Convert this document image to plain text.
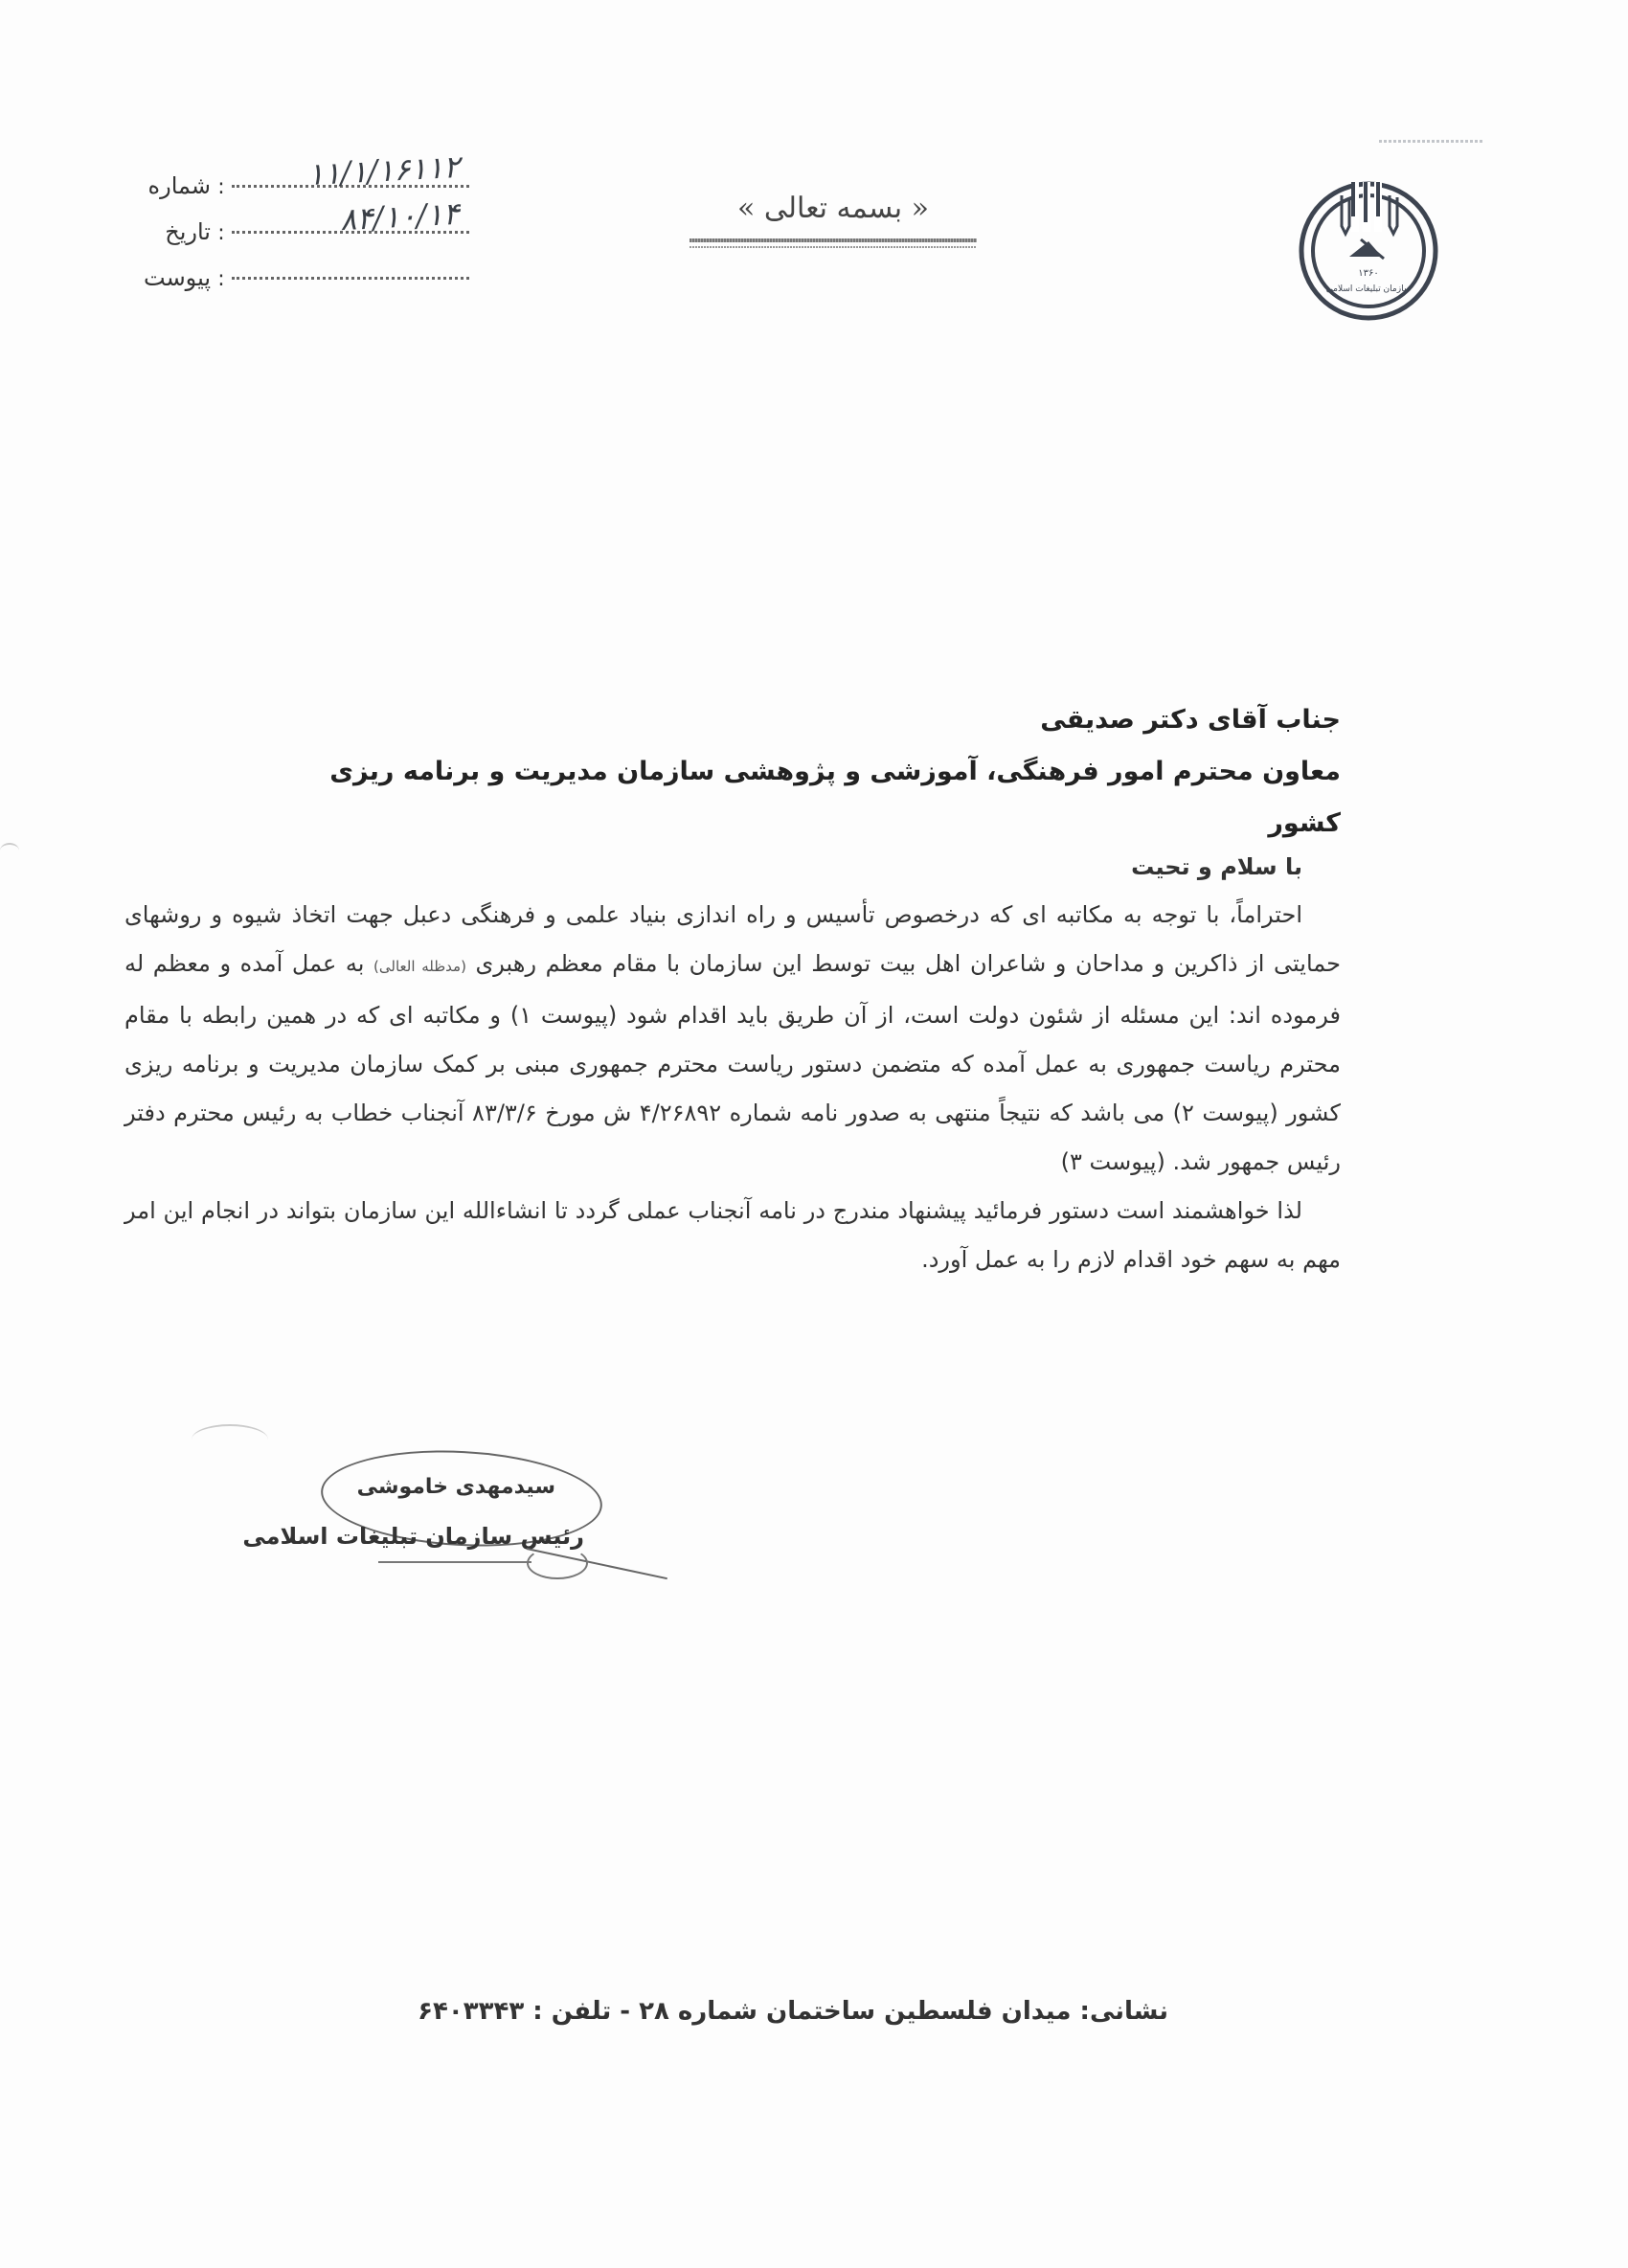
۱۳۶۰
سازمان تبلیغات اسلامی
شماره :	۱۱/۱/۱۶۱۱۲
تاریخ :	۸۴/۱۰/۱۴
پیوست :
« بسمه تعالی »
جناب آقای دکتر صدیقی
معاون محترم امور فرهنگی، آموزشی و پژوهشی سازمان مدیریت و برنامه ریزی کشور
با سلام و تحیت

احتراماً، با توجه به مکاتبه ای که درخصوص تأسیس و راه اندازی بنیاد علمی و فرهنگی دعبل جهت اتخاذ شیوه و روشهای حمایتی از ذاکرین و مداحان و شاعران اهل بیت توسط این سازمان با مقام معظم رهبری (مدظله العالی) به عمل آمده و معظم له فرموده اند: این مسئله از شئون دولت است، از آن طریق باید اقدام شود (پیوست ۱) و مکاتبه ای که در همین رابطه با مقام محترم ریاست جمهوری به عمل آمده که متضمن دستور ریاست محترم جمهوری مبنی بر کمک سازمان مدیریت و برنامه ریزی کشور (پیوست ۲) می باشد که نتیجاً منتهی به صدور نامه شماره ۴/۲۶۸۹۲ ش مورخ ۸۳/۳/۶ آنجناب خطاب به رئیس محترم دفتر رئیس جمهور شد. (پیوست ۳)

لذا خواهشمند است دستور فرمائید پیشنهاد مندرج در نامه آنجناب عملی گردد تا انشاءالله این سازمان بتواند در انجام این امر مهم به سهم خود اقدام لازم را به عمل آورد.

سیدمهدی خاموشی
رئیس سازمان تبلیغات اسلامی
نشانی: میدان فلسطین ساختمان شماره ۲۸ - تلفن : ۶۴۰۳۳۴۳
